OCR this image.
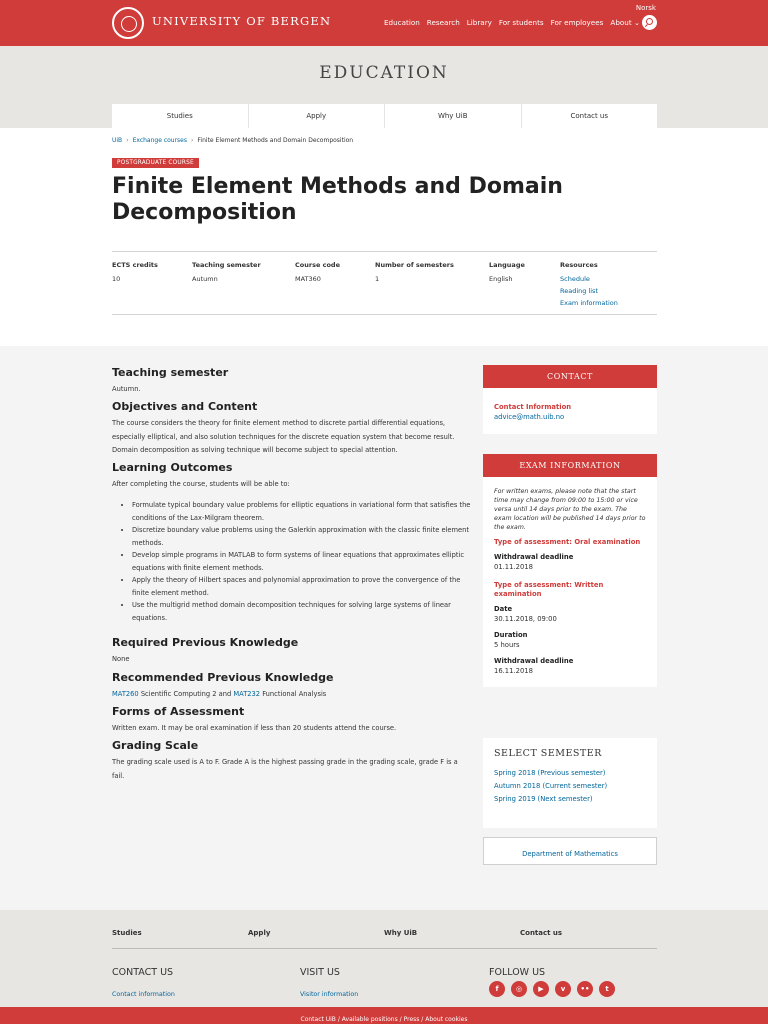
UNIVERSITY OF BERGEN
Norsk
Education Research Library For students For employees About ⌄
EDUCATION
Studies	Apply	Why UiB	Contact us
UiB › Exchange courses › Finite Element Methods and Domain Decomposition
POSTGRADUATE COURSE
Finite Element Methods and Domain Decomposition
ECTS credits
10
Teaching semester
Autumn
Course code
MAT360
Number of semesters
1
Language
English
Resources
Schedule
Reading list
Exam information
Teaching semester
Autumn.
Objectives and Content
The course considers the theory for finite element method to discrete partial differential equations, especially elliptical, and also solution techniques for the discrete equation system that become result. Domain decomposition as solving technique will become subject to special attention.
Learning Outcomes
After completing the course, students will be able to:
• Formulate typical boundary value problems for elliptic equations in variational form that satisfies the conditions of the Lax-Milgram theorem.
• Discretize boundary value problems using the Galerkin approximation with the classic finite element methods.
• Develop simple programs in MATLAB to form systems of linear equations that approximates elliptic equations with finite element methods.
• Apply the theory of Hilbert spaces and polynomial approximation to prove the convergence of the finite element method.
• Use the multigrid method domain decomposition techniques for solving large systems of linear equations.
Required Previous Knowledge
None
Recommended Previous Knowledge
MAT260 Scientific Computing 2 and MAT232 Functional Analysis
Forms of Assessment
Written exam. It may be oral examination if less than 20 students attend the course.
Grading Scale
The grading scale used is A to F. Grade A is the highest passing grade in the grading scale, grade F is a fail.
CONTACT
Contact Information
advice@math.uib.no
EXAM INFORMATION
For written exams, please note that the start time may change from 09:00 to 15:00 or vice versa until 14 days prior to the exam. The exam location will be published 14 days prior to the exam.
Type of assessment: Oral examination
Withdrawal deadline
01.11.2018
Type of assessment: Written examination
Date
30.11.2018, 09:00
Duration
5 hours
Withdrawal deadline
16.11.2018
SELECT SEMESTER
Spring 2018 (Previous semester)
Autumn 2018 (Current semester)
Spring 2019 (Next semester)
Department of Mathematics
Studies	Apply	Why UiB	Contact us
CONTACT US
Contact information
VISIT US
Visitor information
FOLLOW US
f	◎	▶	v	••	t
Contact UiB / Available positions / Press / About cookies
